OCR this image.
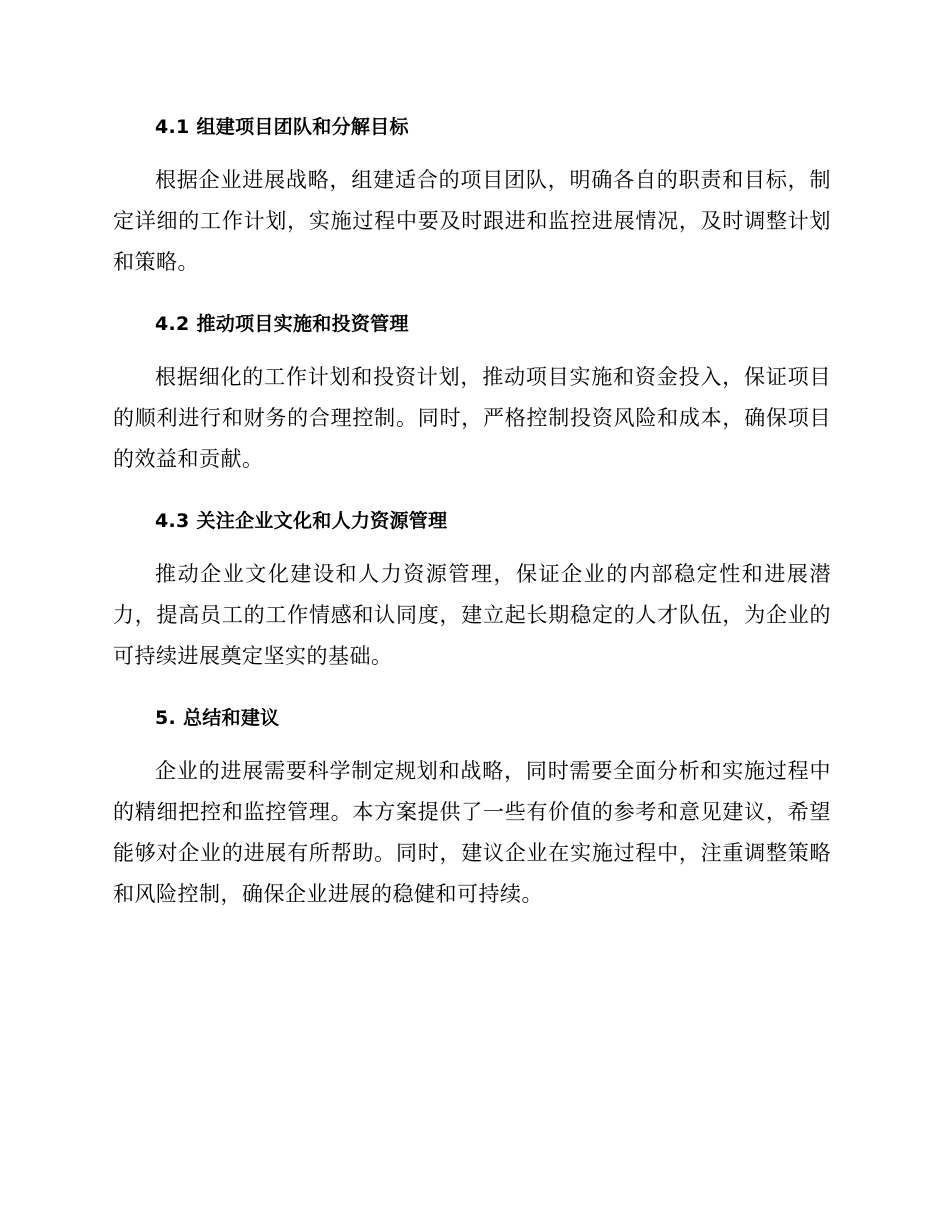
4.1 组建项目团队和分解目标

根据企业进展战略，组建适合的项目团队，明确各自的职责和目标，制定详细的工作计划，实施过程中要及时跟进和监控进展情况，及时调整计划和策略。

4.2 推动项目实施和投资管理

根据细化的工作计划和投资计划，推动项目实施和资金投入，保证项目的顺利进行和财务的合理控制。同时，严格控制投资风险和成本，确保项目的效益和贡献。

4.3 关注企业文化和人力资源管理

推动企业文化建设和人力资源管理，保证企业的内部稳定性和进展潜力，提高员工的工作情感和认同度，建立起长期稳定的人才队伍，为企业的可持续进展奠定坚实的基础。

5. 总结和建议

企业的进展需要科学制定规划和战略，同时需要全面分析和实施过程中的精细把控和监控管理。本方案提供了一些有价值的参考和意见建议，希望能够对企业的进展有所帮助。同时，建议企业在实施过程中，注重调整策略和风险控制，确保企业进展的稳健和可持续。
